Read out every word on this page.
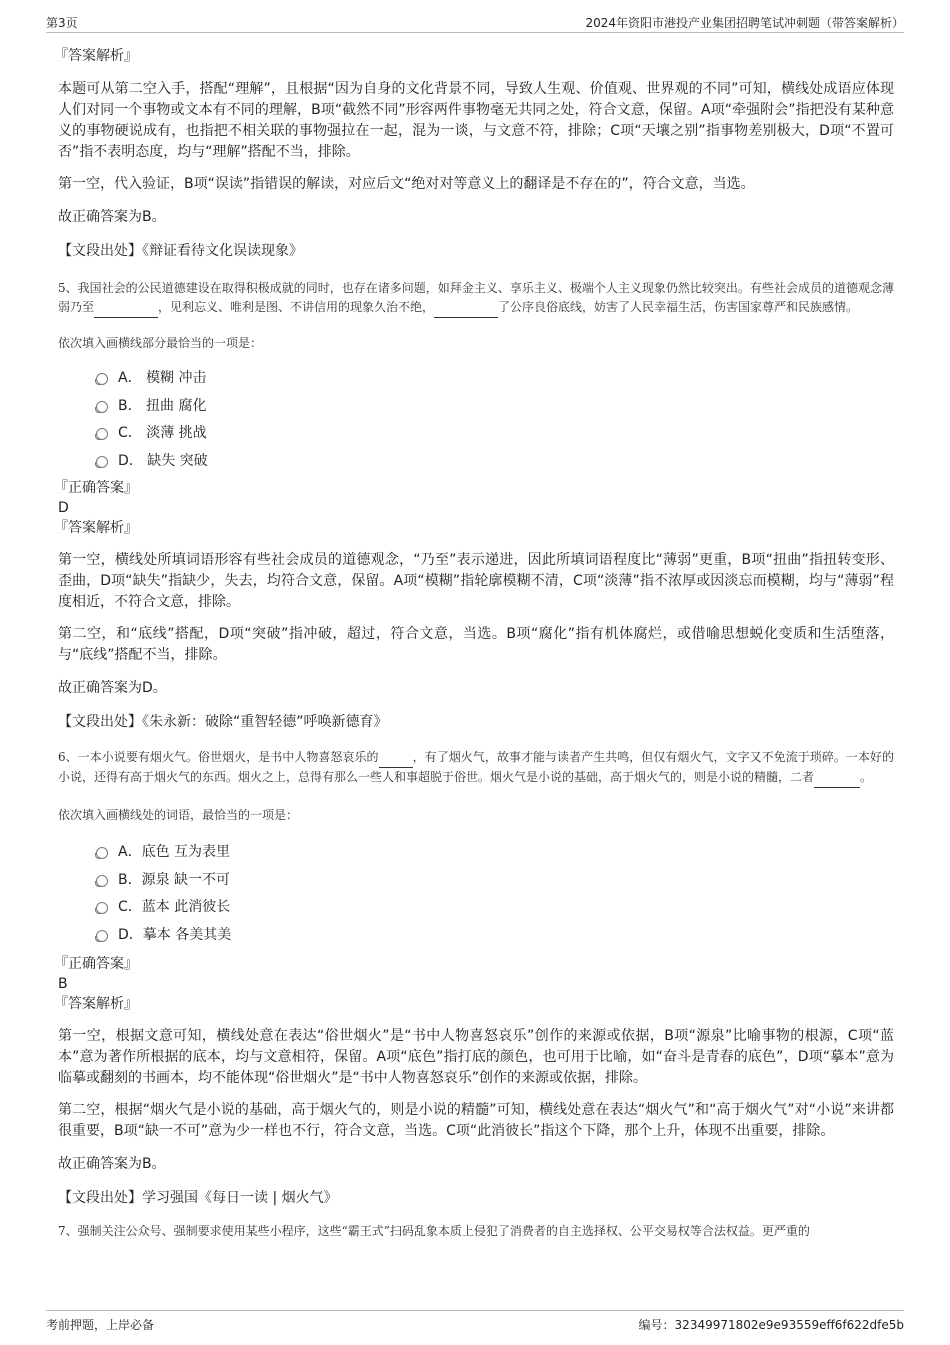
第3页	2024年资阳市港投产业集团招聘笔试冲刺题（带答案解析）

『答案解析』

本题可从第二空入手，搭配“理解”，且根据“因为自身的文化背景不同，导致人生观、价值观、世界观的不同”可知，横线处成语应体现人们对同一个事物或文本有不同的理解，B项“截然不同”形容两件事物毫无共同之处，符合文意，保留。A项“牵强附会”指把没有某种意义的事物硬说成有，也指把不相关联的事物强拉在一起，混为一谈，与文意不符，排除；C项“天壤之别”指事物差别极大，D项“不置可否”指不表明态度，均与“理解”搭配不当，排除。

第一空，代入验证，B项“误读”指错误的解读，对应后文“绝对对等意义上的翻译是不存在的”，符合文意，当选。

故正确答案为B。

【文段出处】《辩证看待文化误读现象》

5、我国社会的公民道德建设在取得积极成就的同时，也存在诸多问题，如拜金主义、享乐主义、极端个人主义现象仍然比较突出。有些社会成员的道德观念薄弱乃至	，见利忘义、唯利是图、不讲信用的现象久治不绝，	了公序良俗底线，妨害了人民幸福生活，伤害国家尊严和民族感情。

依次填入画横线部分最恰当的一项是：

A． 模糊 冲击
B． 扭曲 腐化
C． 淡薄 挑战
D． 缺失 突破

『正确答案』

D

『答案解析』

第一空，横线处所填词语形容有些社会成员的道德观念，“乃至”表示递进，因此所填词语程度比“薄弱”更重，B项“扭曲”指扭转变形、歪曲，D项“缺失”指缺少，失去，均符合文意，保留。A项“模糊”指轮廓模糊不清，C项“淡薄”指不浓厚或因淡忘而模糊，均与“薄弱”程度相近，不符合文意，排除。

第二空，和“底线”搭配，D项“突破”指冲破，超过，符合文意，当选。B项“腐化”指有机体腐烂，或借喻思想蜕化变质和生活堕落，与“底线”搭配不当，排除。

故正确答案为D。

【文段出处】《朱永新：破除“重智轻德”呼唤新德育》

6、一本小说要有烟火气。俗世烟火，是书中人物喜怒哀乐的	，有了烟火气，故事才能与读者产生共鸣，但仅有烟火气，文字又不免流于琐碎。一本好的小说，还得有高于烟火气的东西。烟火之上，总得有那么一些人和事超脱于俗世。烟火气是小说的基础，高于烟火气的，则是小说的精髓，二者	。

依次填入画横线处的词语，最恰当的一项是：

A．底色 互为表里
B．源泉 缺一不可
C．蓝本 此消彼长
D．摹本 各美其美

『正确答案』

B

『答案解析』

第一空，根据文意可知，横线处意在表达“俗世烟火”是“书中人物喜怒哀乐”创作的来源或依据，B项“源泉”比喻事物的根源，C项“蓝本”意为著作所根据的底本，均与文意相符，保留。A项“底色”指打底的颜色，也可用于比喻，如“奋斗是青春的底色”，D项“摹本”意为临摹或翻刻的书画本，均不能体现“俗世烟火”是“书中人物喜怒哀乐”创作的来源或依据，排除。

第二空，根据“烟火气是小说的基础，高于烟火气的，则是小说的精髓”可知，横线处意在表达“烟火气”和“高于烟火气”对“小说”来讲都很重要，B项“缺一不可”意为少一样也不行，符合文意，当选。C项“此消彼长”指这个下降，那个上升，体现不出重要，排除。

故正确答案为B。

【文段出处】学习强国《每日一读 | 烟火气》

7、强制关注公众号、强制要求使用某些小程序，这些“霸王式”扫码乱象本质上侵犯了消费者的自主选择权、公平交易权等合法权益。更严重的

考前押题，上岸必备	编号：32349971802e9e93559eff6f622dfe5b
